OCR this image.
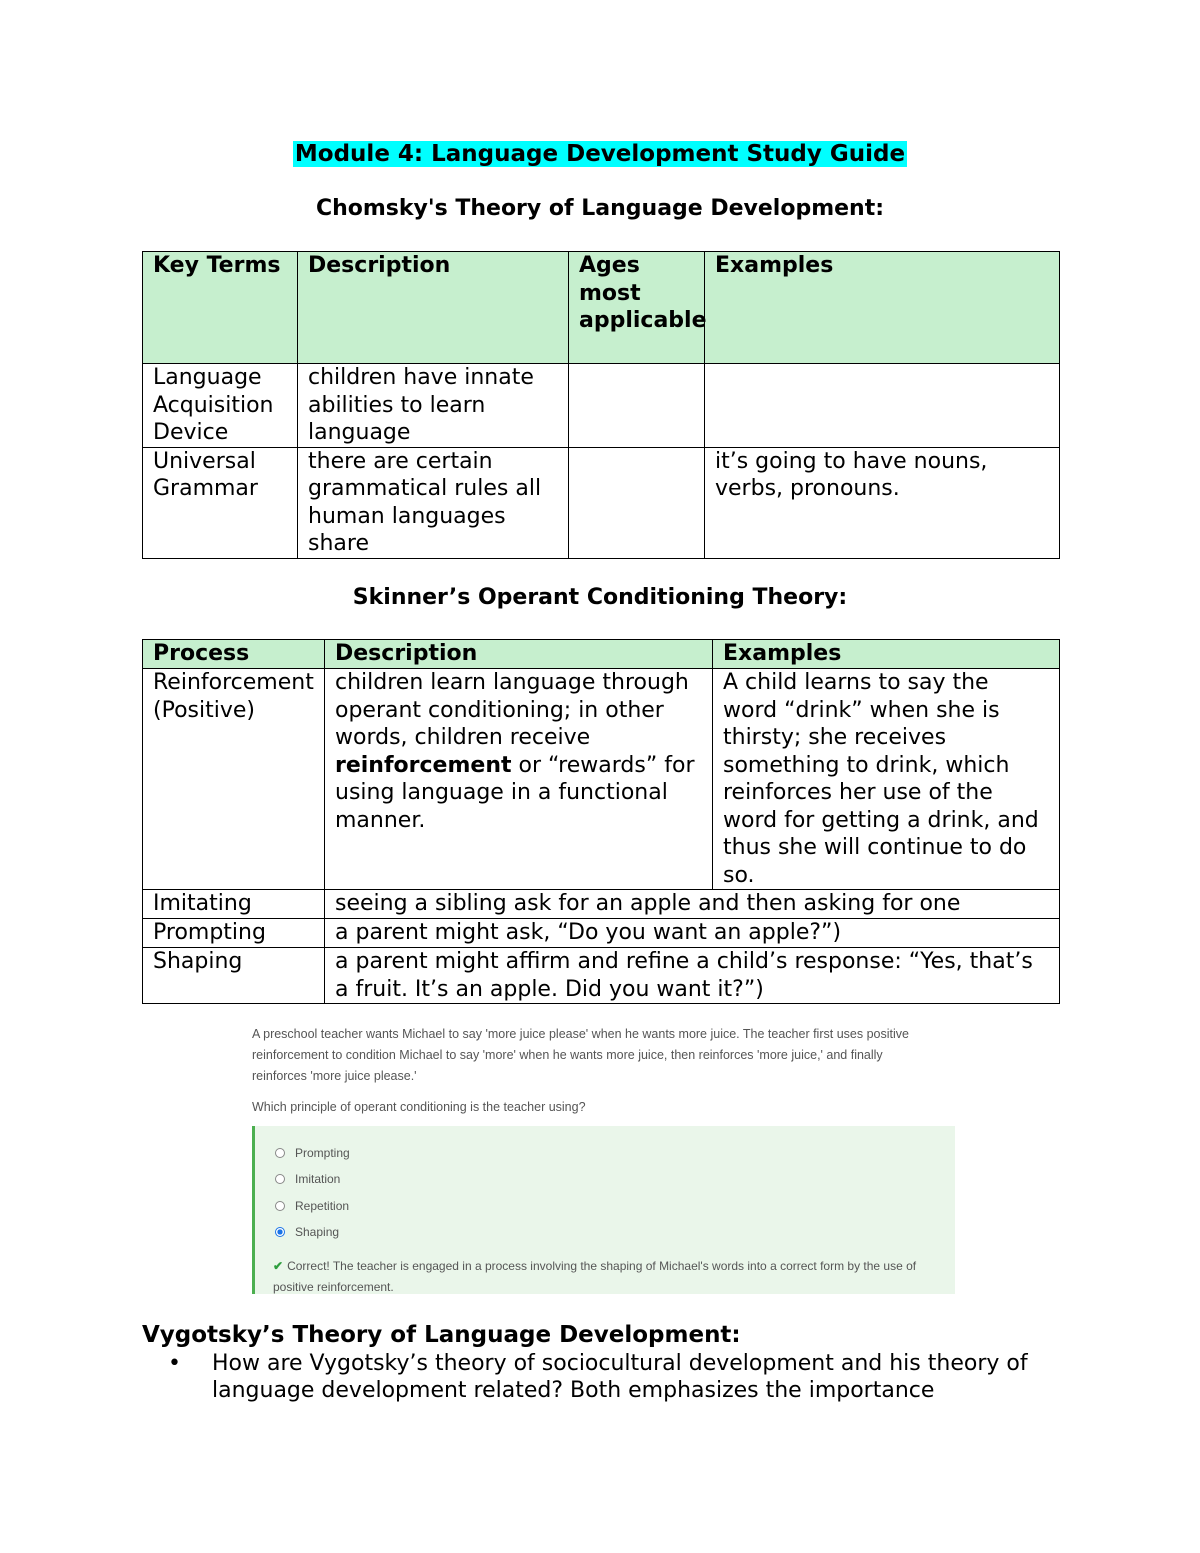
Module 4: Language Development Study Guide
Chomsky's Theory of Language Development:
Key Terms	Description	Ages most applicable	Examples
Language Acquisition Device	children have innate abilities to learn language		
Universal Grammar	there are certain grammatical rules all human languages share		it’s going to have nouns, verbs, pronouns.
Skinner’s Operant Conditioning Theory:
Process	Description	Examples
Reinforcement (Positive)	children learn language through operant conditioning; in other words, children receive reinforcement or “rewards” for using language in a functional manner.	A child learns to say the word “drink” when she is thirsty; she receives something to drink, which reinforces her use of the word for getting a drink, and thus she will continue to do so.
Imitating	seeing a sibling ask for an apple and then asking for one	
Prompting	a parent might ask, “Do you want an apple?”)	
Shaping	a parent might affirm and refine a child’s response: “Yes, that’s a fruit. It’s an apple. Did you want it?”)	
A preschool teacher wants Michael to say 'more juice please' when he wants more juice. The teacher first uses positive reinforcement to condition Michael to say 'more' when he wants more juice, then reinforces 'more juice,' and finally reinforces 'more juice please.'
Which principle of operant conditioning is the teacher using?
Prompting
Imitation
Repetition
Shaping
✔ Correct! The teacher is engaged in a process involving the shaping of Michael's words into a correct form by the use of positive reinforcement.
Vygotsky’s Theory of Language Development:
• How are Vygotsky’s theory of sociocultural development and his theory of language development related? Both emphasizes the importance
